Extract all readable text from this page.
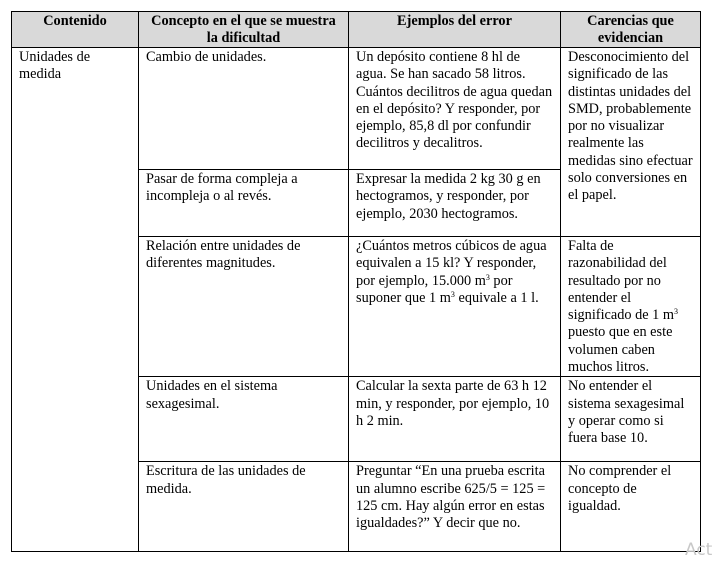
Contenido	Concepto en el que se muestra la dificultad	Ejemplos del error	Carencias que evidencian
Unidades de medida	Cambio de unidades.	Un depósito contiene 8 hl de agua. Se han sacado 58 litros. Cuántos decilitros de agua quedan en el depósito? Y responder, por ejemplo, 85,8 dl por confundir decilitros y decalitros.	Desconocimiento del significado de las distintas unidades del SMD, probablemente por no visualizar realmente las medidas sino efectuar solo conversiones en el papel.
	Pasar de forma compleja a incompleja o al revés.	Expresar la medida 2 kg 30 g en hectogramos, y responder, por ejemplo, 2030 hectogramos.	
	Relación entre unidades de diferentes magnitudes.	¿Cuántos metros cúbicos de agua equivalen a 15 kl? Y responder, por ejemplo, 15.000 $m^3$ por suponer que 1 $m^3$ equivale a 1 l.	Falta de razonabilidad del resultado por no entender el significado de 1 $m^3$ puesto que en este volumen caben muchos litros.
	Unidades en el sistema sexagesimal.	Calcular la sexta parte de 63 h 12 min, y responder, por ejemplo, 10 h 2 min.	No entender el sistema sexagesimal y operar como si fuera base 10.
	Escritura de las unidades de medida.	Preguntar “En una prueba escrita un alumno escribe 625/5 = 125 = 125 cm. Hay algún error en estas igualdades?” Y decir que no.	No comprender el concepto de igualdad.
Act
